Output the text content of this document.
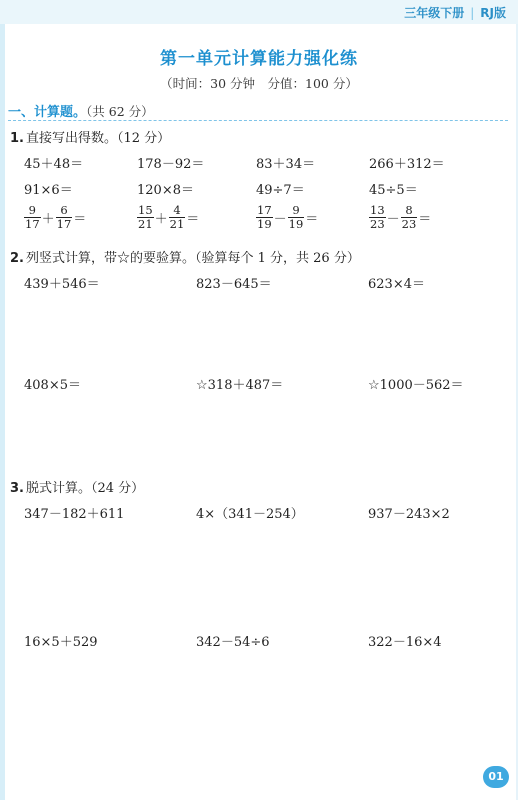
三年级下册 | RJ版
第一单元计算能力强化练
（时间：30 分钟　分值：100 分）
一、计算题。（共 62 分）
1. 直接写出得数。（12 分）
45＋48＝	178－92＝	83＋34＝	266＋312＝
91×6＝	120×8＝	49÷7＝	45÷5＝
$\frac{9}{17} + \frac{6}{17}$ ＝	$\frac{15}{21} + \frac{4}{21}$ ＝	$\frac{17}{19} - \frac{9}{19}$ ＝	$\frac{13}{23} - \frac{8}{23}$ ＝
2. 列竖式计算，带☆的要验算。（验算每个 1 分，共 26 分）
439＋546＝	823－645＝	623×4＝
408×5＝	☆318＋487＝	☆1000－562＝
3. 脱式计算。（24 分）
347－182＋611	4×（341－254）	937－243×2
16×5＋529	342－54÷6	322－16×4
01
